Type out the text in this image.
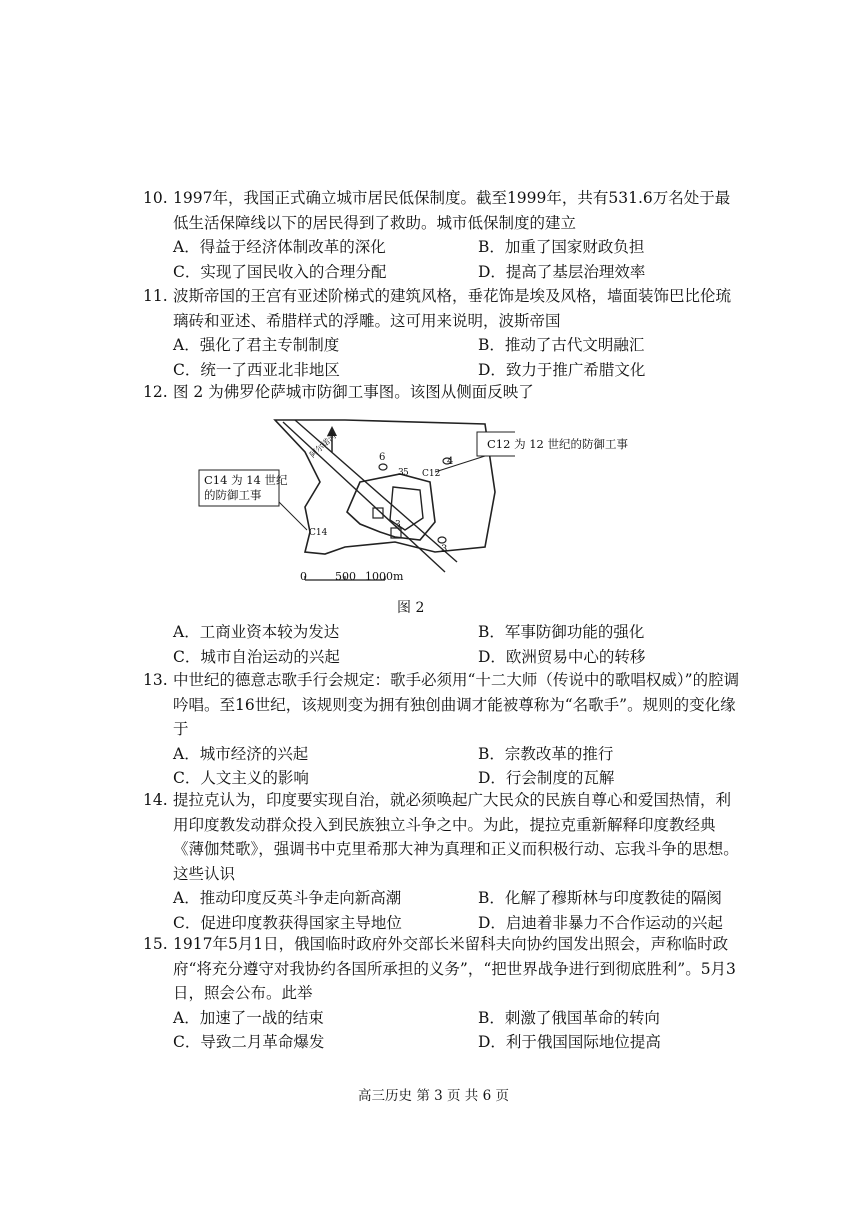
10. 1997年，我国正式确立城市居民低保制度。截至1999年，共有531.6万名处于最低生活保障线以下的居民得到了救助。城市低保制度的建立
A．得益于经济体制改革的深化	B．加重了国家财政负担
C．实现了国民收入的合理分配	D．提高了基层治理效率
11. 波斯帝国的王宫有亚述阶梯式的建筑风格，垂花饰是埃及风格，墙面装饰巴比伦琉璃砖和亚述、希腊样式的浮雕。这可用来说明，波斯帝国
A．强化了君主专制制度	B．推动了古代文明融汇
C．统一了西亚北非地区	D．致力于推广希腊文化
12. 图 2 为佛罗伦萨城市防御工事图。该图从侧面反映了
C12 为 12 世纪的防御工事
C14 为 14 世纪
的防御工事
C12
C14
阿尔诺河	6	4
5
3
3
3
0	500 1000m
图 2
A．工商业资本较为发达	B．军事防御功能的强化
C．城市自治运动的兴起	D．欧洲贸易中心的转移
13. 中世纪的德意志歌手行会规定：歌手必须用“十二大师（传说中的歌唱权威）”的腔调吟唱。至16世纪，该规则变为拥有独创曲调才能被尊称为“名歌手”。规则的变化缘于
A．城市经济的兴起	B．宗教改革的推行
C．人文主义的影响	D．行会制度的瓦解
14. 提拉克认为，印度要实现自治，就必须唤起广大民众的民族自尊心和爱国热情，利用印度教发动群众投入到民族独立斗争之中。为此，提拉克重新解释印度教经典《薄伽梵歌》，强调书中克里希那大神为真理和正义而积极行动、忘我斗争的思想。这些认识
A．推动印度反英斗争走向新高潮	B．化解了穆斯林与印度教徒的隔阂
C．促进印度教获得国家主导地位	D．启迪着非暴力不合作运动的兴起
15. 1917年5月1日，俄国临时政府外交部长米留科夫向协约国发出照会，声称临时政府“将充分遵守对我协约各国所承担的义务”，“把世界战争进行到彻底胜利”。5月3日，照会公布。此举
A．加速了一战的结束	B．刺激了俄国革命的转向
C．导致二月革命爆发	D．利于俄国国际地位提高
高三历史 第 3 页 共 6 页
